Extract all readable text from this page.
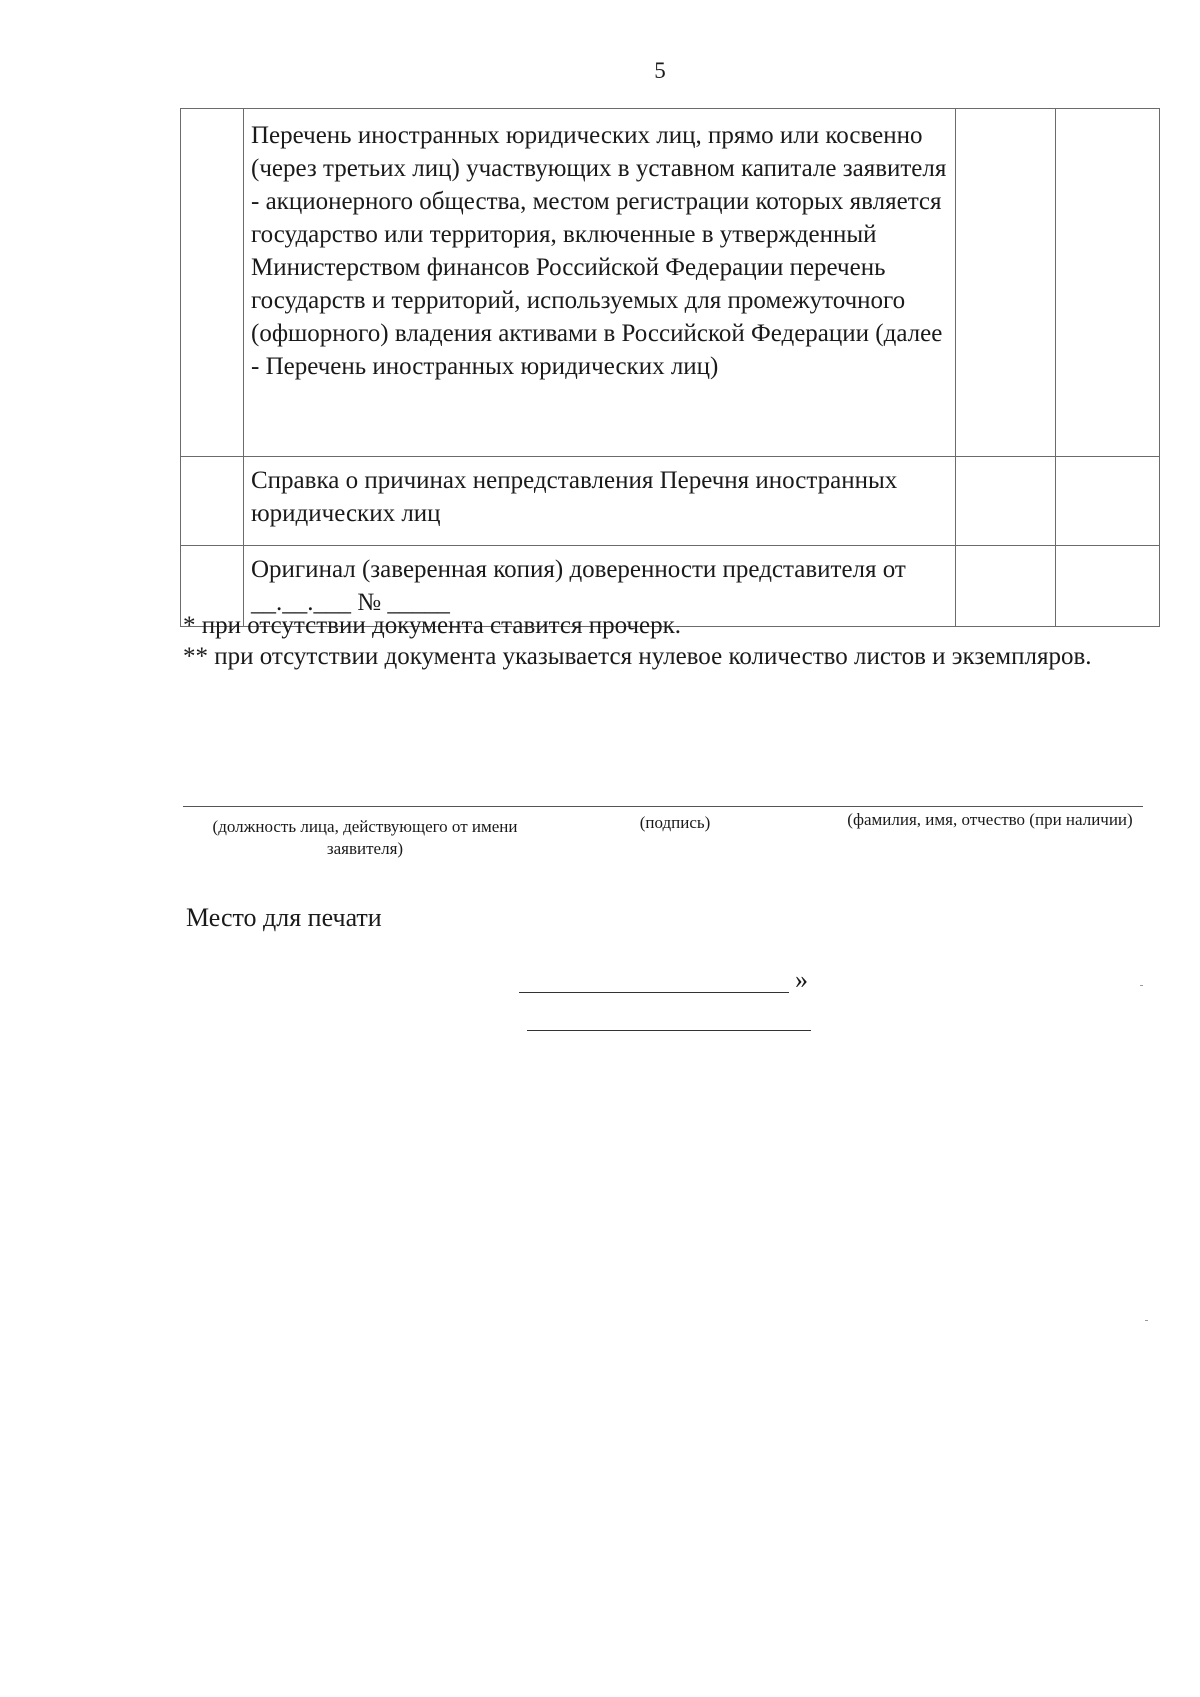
5
	Перечень иностранных юридических лиц, прямо или косвенно (через третьих лиц) участвующих в уставном капитале заявителя - акционерного общества, местом регистрации которых является государство или территория, включенные в утвержденный Министерством финансов Российской Федерации перечень государств и территорий, используемых для промежуточного (офшорного) владения активами в Российской Федерации (далее - Перечень иностранных юридических лиц)		
	Справка о причинах непредставления Перечня иностранных юридических лиц		
	Оригинал (заверенная копия) доверенности представителя от __.__.___ № _____		
* при отсутствии документа ставится прочерк.
** при отсутствии документа указывается нулевое количество листов и экземпляров.
(должность лица, действующего от имени заявителя)
(подпись)	(фамилия, имя, отчество (при наличии)
Место для печати
»
